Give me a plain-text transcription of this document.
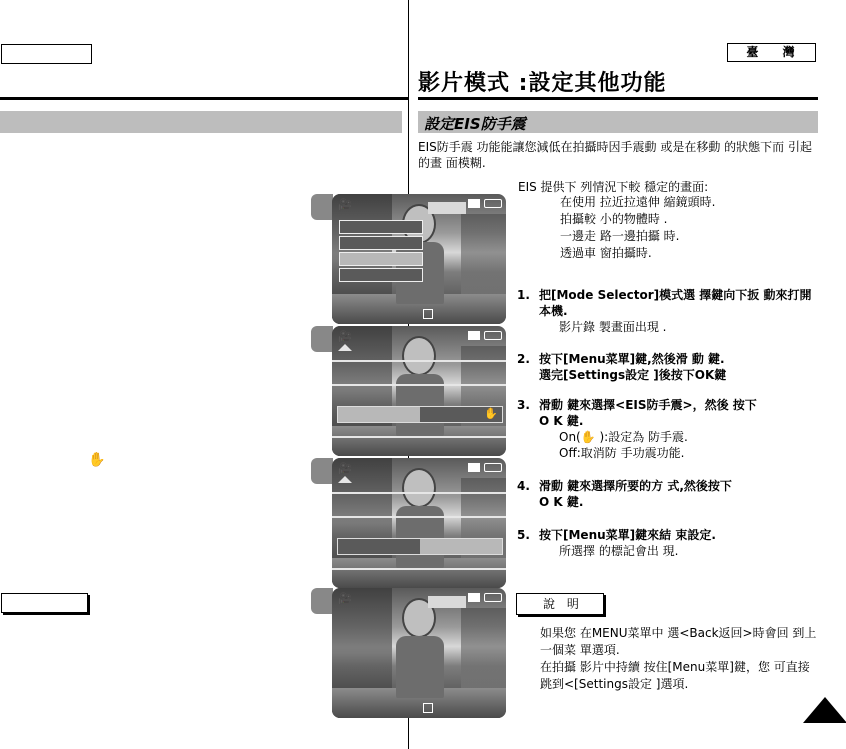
臺 灣
影片模式 :設定其他功能
設定EIS防手震
EIS防手震 功能能讓您減低在拍攝時因手震動 或是在移動 的狀態下而 引起的畫 面模糊.
EIS 提供下 列情況下較 穩定的畫面:
在使用 拉近拉遠伸 縮鏡頭時.
拍攝較 小的物體時 .
一邊走 路一邊拍攝 時.
透過車 窗拍攝時.
1. 把[Mode Selector]模式選 擇鍵向下扳 動來打開
本機.
影片錄 製畫面出現 .
2. 按下[Menu菜單]鍵,然後滑 動 鍵.
選完[Settings設定 ]後按下OK鍵
3. 滑動 鍵來選擇<EIS防手震>，然後 按下
O K 鍵.
On(✋ ):設定為 防手震.
Off:取消防 手功震功能.
4. 滑動 鍵來選擇所要的方 式,然後按下
O K 鍵.
5. 按下[Menu菜單]鍵來結 束設定.
所選擇 的標記會出 現.
說 明
如果您 在MENU菜單中 選<Back返回>時會回 到上
一個菜 單選項.
在拍攝 影片中持續 按住[Menu菜單]鍵，您 可直接
跳到<[Settings設定 ]選項.
✋
🎥
🎥
✋
🎥
🎥
